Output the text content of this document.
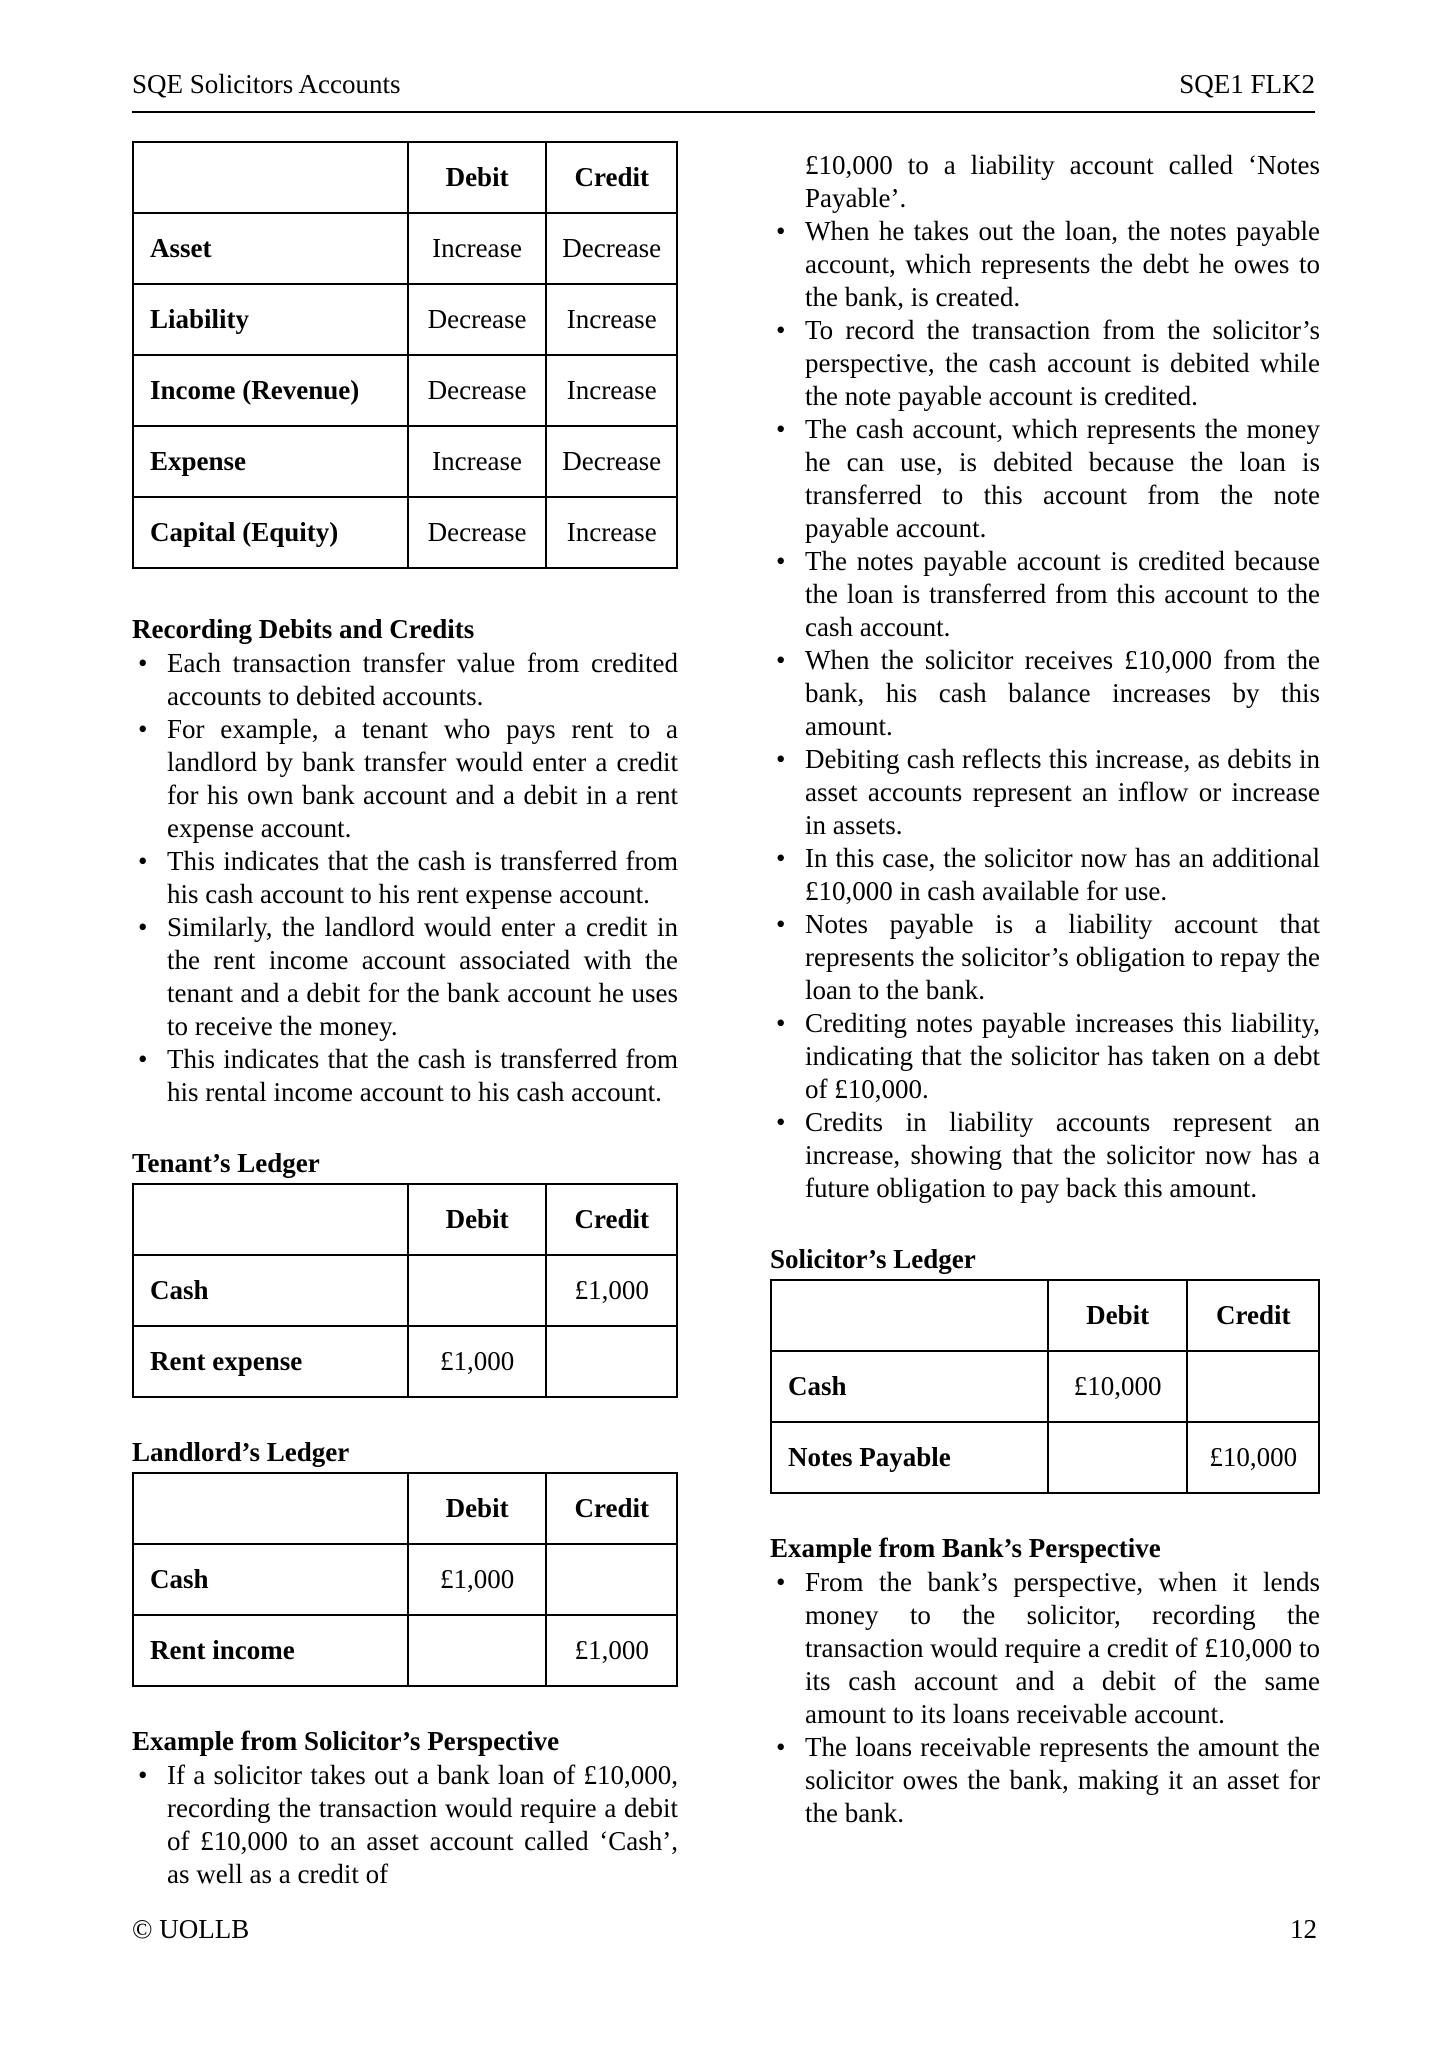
SQE Solicitors Accounts	SQE1 FLK2
	Debit	Credit
Asset	Increase	Decrease
Liability	Decrease	Increase
Income (Revenue)	Decrease	Increase
Expense	Increase	Decrease
Capital (Equity)	Decrease	Increase
Recording Debits and Credits
• Each transaction transfer value from credited accounts to debited accounts.
• For example, a tenant who pays rent to a landlord by bank transfer would enter a credit for his own bank account and a debit in a rent expense account.
• This indicates that the cash is transferred from his cash account to his rent expense account.
• Similarly, the landlord would enter a credit in the rent income account associated with the tenant and a debit for the bank account he uses to receive the money.
• This indicates that the cash is transferred from his rental income account to his cash account.
Tenant’s Ledger
	Debit	Credit
Cash		£1,000
Rent expense	£1,000	
Landlord’s Ledger
	Debit	Credit
Cash	£1,000	
Rent income		£1,000
Example from Solicitor’s Perspective
• If a solicitor takes out a bank loan of £10,000, recording the transaction would require a debit of £10,000 to an asset account called ‘Cash’, as well as a credit of

£10,000 to a liability account called ‘Notes Payable’.

• When he takes out the loan, the notes payable account, which represents the debt he owes to the bank, is created.
• To record the transaction from the solicitor’s perspective, the cash account is debited while the note payable account is credited.
• The cash account, which represents the money he can use, is debited because the loan is transferred to this account from the note payable account.
• The notes payable account is credited because the loan is transferred from this account to the cash account.
• When the solicitor receives £10,000 from the bank, his cash balance increases by this amount.
• Debiting cash reflects this increase, as debits in asset accounts represent an inflow or increase in assets.
• In this case, the solicitor now has an additional £10,000 in cash available for use.
• Notes payable is a liability account that represents the solicitor’s obligation to repay the loan to the bank.
• Crediting notes payable increases this liability, indicating that the solicitor has taken on a debt of £10,000.
• Credits in liability accounts represent an increase, showing that the solicitor now has a future obligation to pay back this amount.
Solicitor’s Ledger
	Debit	Credit
Cash	£10,000	
Notes Payable		£10,000
Example from Bank’s Perspective
• From the bank’s perspective, when it lends money to the solicitor, recording the transaction would require a credit of £10,000 to its cash account and a debit of the same amount to its loans receivable account.
• The loans receivable represents the amount the solicitor owes the bank, making it an asset for the bank.
© UOLLB	12
